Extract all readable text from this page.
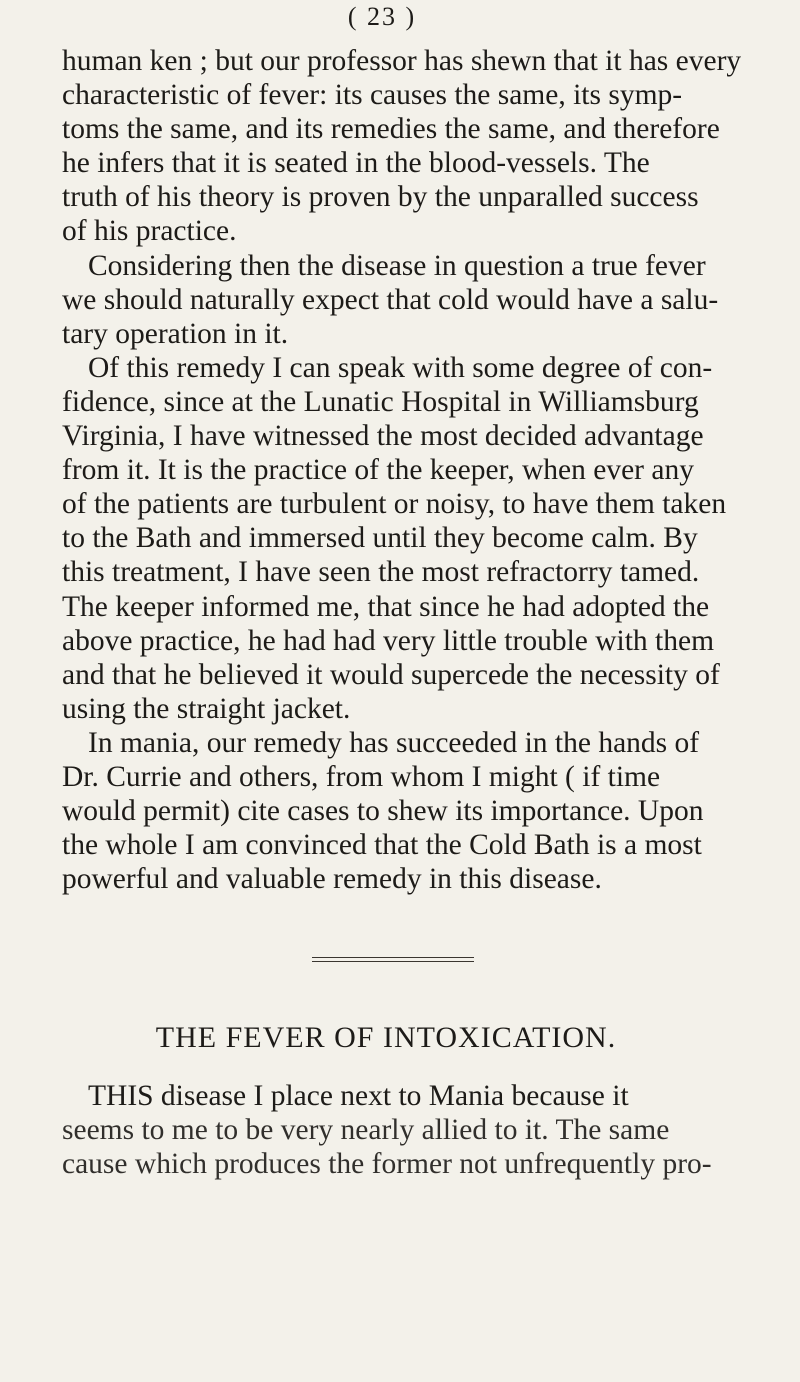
( 23 )

human ken ; but our professor has shewn that it has every
characteristic of fever: its causes the same, its symp-
toms the same, and its remedies the same, and therefore
he infers that it is seated in the blood-vessels. The
truth of his theory is proven by the unparalled success
of his practice.

Considering then the disease in question a true fever
we should naturally expect that cold would have a salu-
tary operation in it.

Of this remedy I can speak with some degree of con-
fidence, since at the Lunatic Hospital in Williamsburg
Virginia, I have witnessed the most decided advantage
from it. It is the practice of the keeper, when ever any
of the patients are turbulent or noisy, to have them taken
to the Bath and immersed until they become calm. By
this treatment, I have seen the most refractorry tamed.
The keeper informed me, that since he had adopted the
above practice, he had had very little trouble with them
and that he believed it would supercede the necessity of
using the straight jacket.

In mania, our remedy has succeeded in the hands of
Dr. Currie and others, from whom I might ( if time
would permit) cite cases to shew its importance. Upon
the whole I am convinced that the Cold Bath is a most
powerful and valuable remedy in this disease.

THE FEVER OF INTOXICATION.

THIS disease I place next to Mania because it
seems to me to be very nearly allied to it. The same
cause which produces the former not unfrequently pro-
